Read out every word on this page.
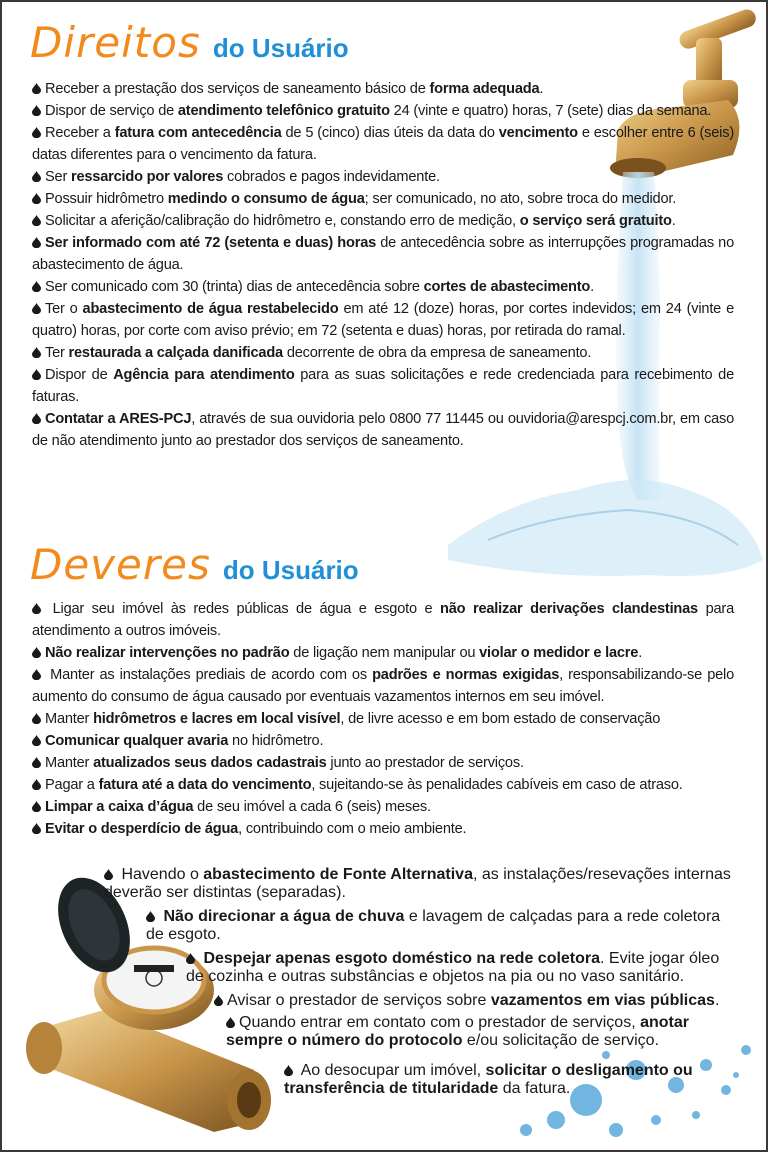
Direitos do Usuário

Receber a prestação dos serviços de saneamento básico de forma adequada.

Dispor de serviço de atendimento telefônico gratuito 24 (vinte e quatro) horas, 7 (sete) dias da semana.

Receber a fatura com antecedência de 5 (cinco) dias úteis da data do vencimento e escolher entre 6 (seis) datas diferentes para o vencimento da fatura.

Ser ressarcido por valores cobrados e pagos indevidamente.

Possuir hidrômetro medindo o consumo de água; ser comunicado, no ato, sobre troca do medidor.

Solicitar a aferição/calibração do hidrômetro e, constando erro de medição, o serviço será gratuito.

Ser informado com até 72 (setenta e duas) horas de antecedência sobre as interrupções programadas no abastecimento de água.

Ser comunicado com 30 (trinta) dias de antecedência sobre cortes de abastecimento.

Ter o abastecimento de água restabelecido em até 12 (doze) horas, por cortes indevidos; em 24 (vinte e quatro) horas, por corte com aviso prévio; em 72 (setenta e duas) horas, por retirada do ramal.

Ter restaurada a calçada danificada decorrente de obra da empresa de saneamento.

Dispor de Agência para atendimento para as suas solicitações e rede credenciada para recebimento de faturas.

Contatar a ARES-PCJ, através de sua ouvidoria pelo 0800 77 11445 ou ouvidoria@arespcj.com.br, em caso de não atendimento junto ao prestador dos serviços de saneamento.

Deveres do Usuário

Ligar seu imóvel às redes públicas de água e esgoto e não realizar derivações clandestinas para atendimento a outros imóveis.

Não realizar intervenções no padrão de ligação nem manipular ou violar o medidor e lacre.

Manter as instalações prediais de acordo com os padrões e normas exigidas, responsabilizando-se pelo aumento do consumo de água causado por eventuais vazamentos internos em seu imóvel.

Manter hidrômetros e lacres em local visível, de livre acesso e em bom estado de conservação

Comunicar qualquer avaria no hidrômetro.

Manter atualizados seus dados cadastrais junto ao prestador de serviços.

Pagar a fatura até a data do vencimento, sujeitando-se às penalidades cabíveis em caso de atraso.

Limpar a caixa d’água de seu imóvel a cada 6 (seis) meses.

Evitar o desperdício de água, contribuindo com o meio ambiente.

Havendo o abastecimento de Fonte Alternativa, as instalações/resevações internas deverão ser distintas (separadas).

Não direcionar a água de chuva e lavagem de calçadas para a rede coletora de esgoto.

Despejar apenas esgoto doméstico na rede coletora. Evite jogar óleo de cozinha e outras substâncias e objetos na pia ou no vaso sanitário.

Avisar o prestador de serviços sobre vazamentos em vias públicas.

Quando entrar em contato com o prestador de serviços, anotar sempre o número do protocolo e/ou solicitação de serviço.

Ao desocupar um imóvel, solicitar o desligamento ou transferência de titularidade da fatura.
